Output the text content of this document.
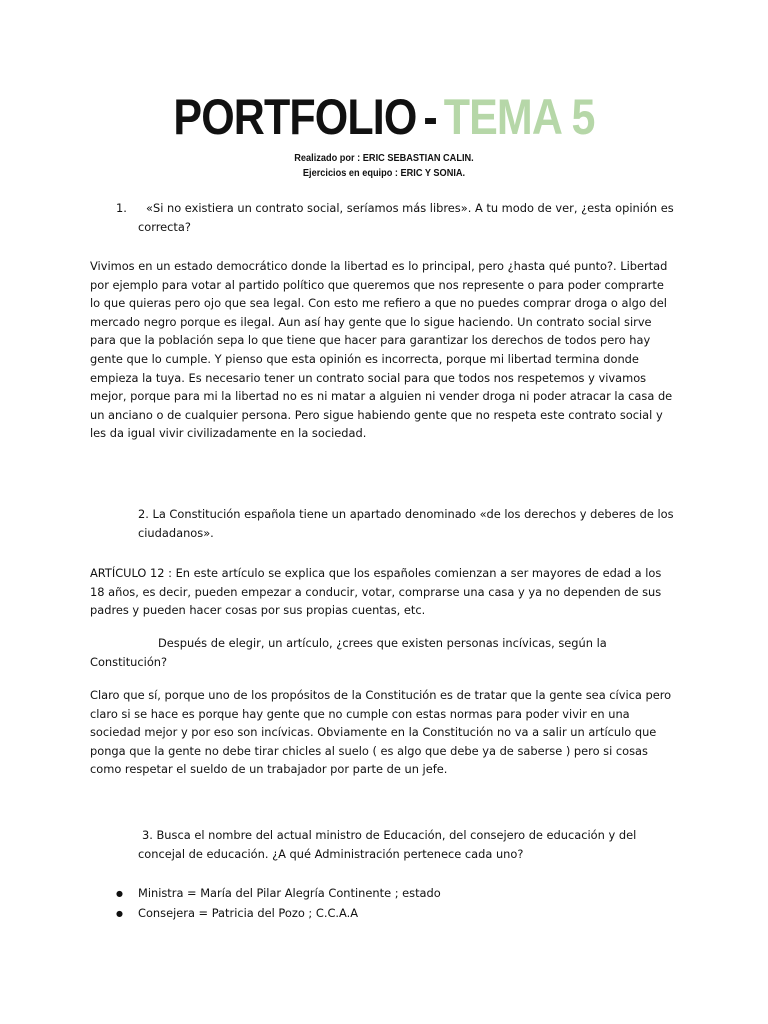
PORTFOLIO - TEMA 5
Realizado por : ERIC SEBASTIAN CALIN.
Ejercicios en equipo : ERIC Y SONIA.
1.	«Si no existiera un contrato social, seríamos más libres». A tu modo de ver, ¿esta opinión es correcta?

Vivimos en un estado democrático donde la libertad es lo principal, pero ¿hasta qué punto?. Libertad por ejemplo para votar al partido político que queremos que nos represente o para poder comprarte lo que quieras pero ojo que sea legal. Con esto me refiero a que no puedes comprar droga o algo del mercado negro porque es ilegal. Aun así hay gente que lo sigue haciendo. Un contrato social sirve para que la población sepa lo que tiene que hacer para garantizar los derechos de todos pero hay gente que lo cumple. Y pienso que esta opinión es incorrecta, porque mi libertad termina donde empieza la tuya. Es necesario tener un contrato social para que todos nos respetemos y vivamos mejor, porque para mi la libertad no es ni matar a alguien ni vender droga ni poder atracar la casa de un anciano o de cualquier persona. Pero sigue habiendo gente que no respeta este contrato social y les da igual vivir civilizadamente en la sociedad.

2. La Constitución española tiene un apartado denominado «de los derechos y deberes de los ciudadanos».

ARTÍCULO 12 : En este artículo se explica que los españoles comienzan a ser mayores de edad a los 18 años, es decir, pueden empezar a conducir, votar, comprarse una casa y ya no dependen de sus padres y pueden hacer cosas por sus propias cuentas, etc.

Después de elegir, un artículo, ¿crees que existen personas incívicas, según la Constitución?

Claro que sí, porque uno de los propósitos de la Constitución es de tratar que la gente sea cívica pero claro si se hace es porque hay gente que no cumple con estas normas para poder vivir en una sociedad mejor y por eso son incívicas. Obviamente en la Constitución no va a salir un artículo que ponga que la gente no debe tirar chicles al suelo ( es algo que debe ya de saberse ) pero si cosas como respetar el sueldo de un trabajador por parte de un jefe.

3. Busca el nombre del actual ministro de Educación, del consejero de educación y del concejal de educación. ¿A qué Administración pertenece cada uno?

● Ministra = María del Pilar Alegría Continente ; estado
● Consejera = Patricia del Pozo ; C.C.A.A
